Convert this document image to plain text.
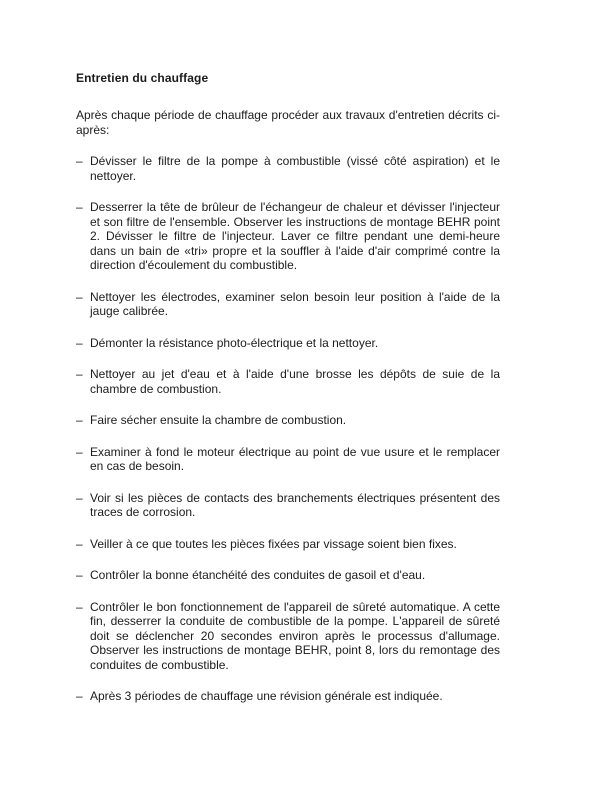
Entretien du chauffage
Après chaque période de chauffage procéder aux travaux d'entretien décrits ci-après:
– Dévisser le filtre de la pompe à combustible (vissé côté aspiration) et le nettoyer.
– Desserrer la tête de brûleur de l'échangeur de chaleur et dévisser l'injecteur et son filtre de l'ensemble. Observer les instructions de montage BEHR point 2. Dévisser le filtre de l'injecteur. Laver ce filtre pendant une demi-heure dans un bain de «tri» propre et la souffler à l'aide d'air comprimé contre la direction d'écoulement du combustible.
– Nettoyer les électrodes, examiner selon besoin leur position à l'aide de la jauge calibrée.
– Démonter la résistance photo-électrique et la nettoyer.
– Nettoyer au jet d'eau et à l'aide d'une brosse les dépôts de suie de la chambre de combustion.
– Faire sécher ensuite la chambre de combustion.
– Examiner à fond le moteur électrique au point de vue usure et le remplacer en cas de besoin.
– Voir si les pièces de contacts des branchements électriques présentent des traces de corrosion.
– Veiller à ce que toutes les pièces fixées par vissage soient bien fixes.
– Contrôler la bonne étanchéité des conduites de gasoil et d'eau.
– Contrôler le bon fonctionnement de l'appareil de sûreté automatique. A cette fin, desserrer la conduite de combustible de la pompe. L'appareil de sûreté doit se déclencher 20 secondes environ après le processus d'allumage. Observer les instructions de montage BEHR, point 8, lors du remontage des conduites de combustible.
– Après 3 périodes de chauffage une révision générale est indiquée.
